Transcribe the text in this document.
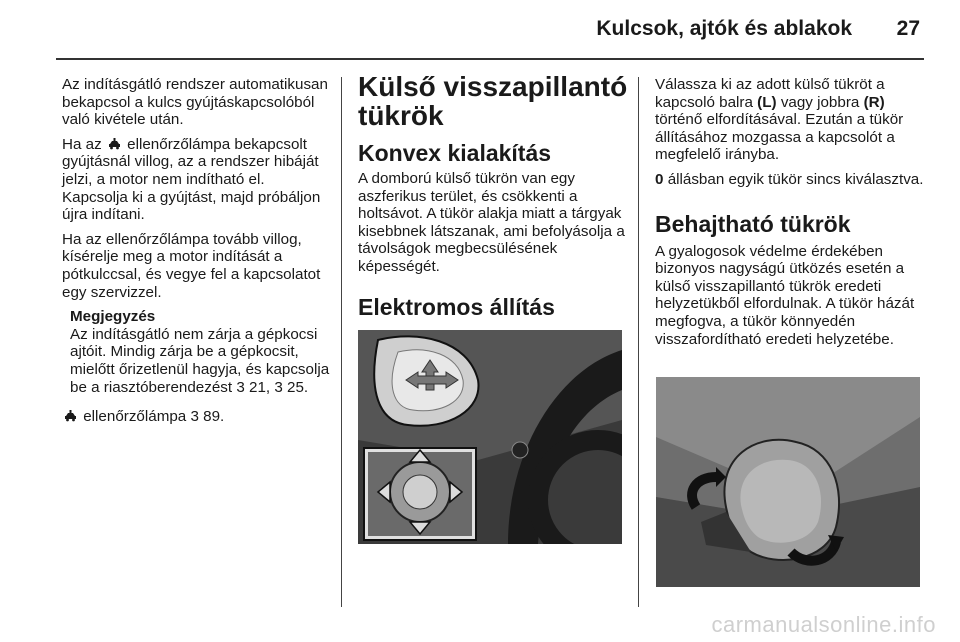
Kulcsok, ajtók és ablakok 27

Az indításgátló rendszer automatikusan bekapcsol a kulcs gyújtáskapcsolóból való kivétele után.

Ha az ellenőrzőlámpa bekapcsolt gyújtásnál villog, az a rendszer hibáját jelzi, a motor nem indítható el. Kapcsolja ki a gyújtást, majd próbáljon újra indítani.

Ha az ellenőrzőlámpa tovább villog, kísérelje meg a motor indítását a pótkulccsal, és vegye fel a kapcsolatot egy szervizzel.

Megjegyzés
Az indításgátló nem zárja a gépkocsi ajtóit. Mindig zárja be a gépkocsit, mielőtt őrizetlenül hagyja, és kapcsolja be a riasztóberendezést 3 21, 3 25.

ellenőrzőlámpa 3 89.

Külső visszapillantó tükrök
Konvex kialakítás

A domború külső tükrön van egy aszferikus terület, és csökkenti a holtsávot. A tükör alakja miatt a tárgyak kisebbnek látszanak, ami befolyásolja a távolságok megbecsülésének képességét.

Elektromos állítás

Válassza ki az adott külső tükröt a kapcsoló balra (L) vagy jobbra (R) történő elfordításával. Ezután a tükör állításához mozgassa a kapcsolót a megfelelő irányba.

0 állásban egyik tükör sincs kiválasztva.

Behajtható tükrök

A gyalogosok védelme érdekében bizonyos nagyságú ütközés esetén a külső visszapillantó tükrök eredeti helyzetükből elfordulnak. A tükör házát megfogva, a tükör könnyedén visszafordítható eredeti helyzetébe.

carmanualsonline.info
